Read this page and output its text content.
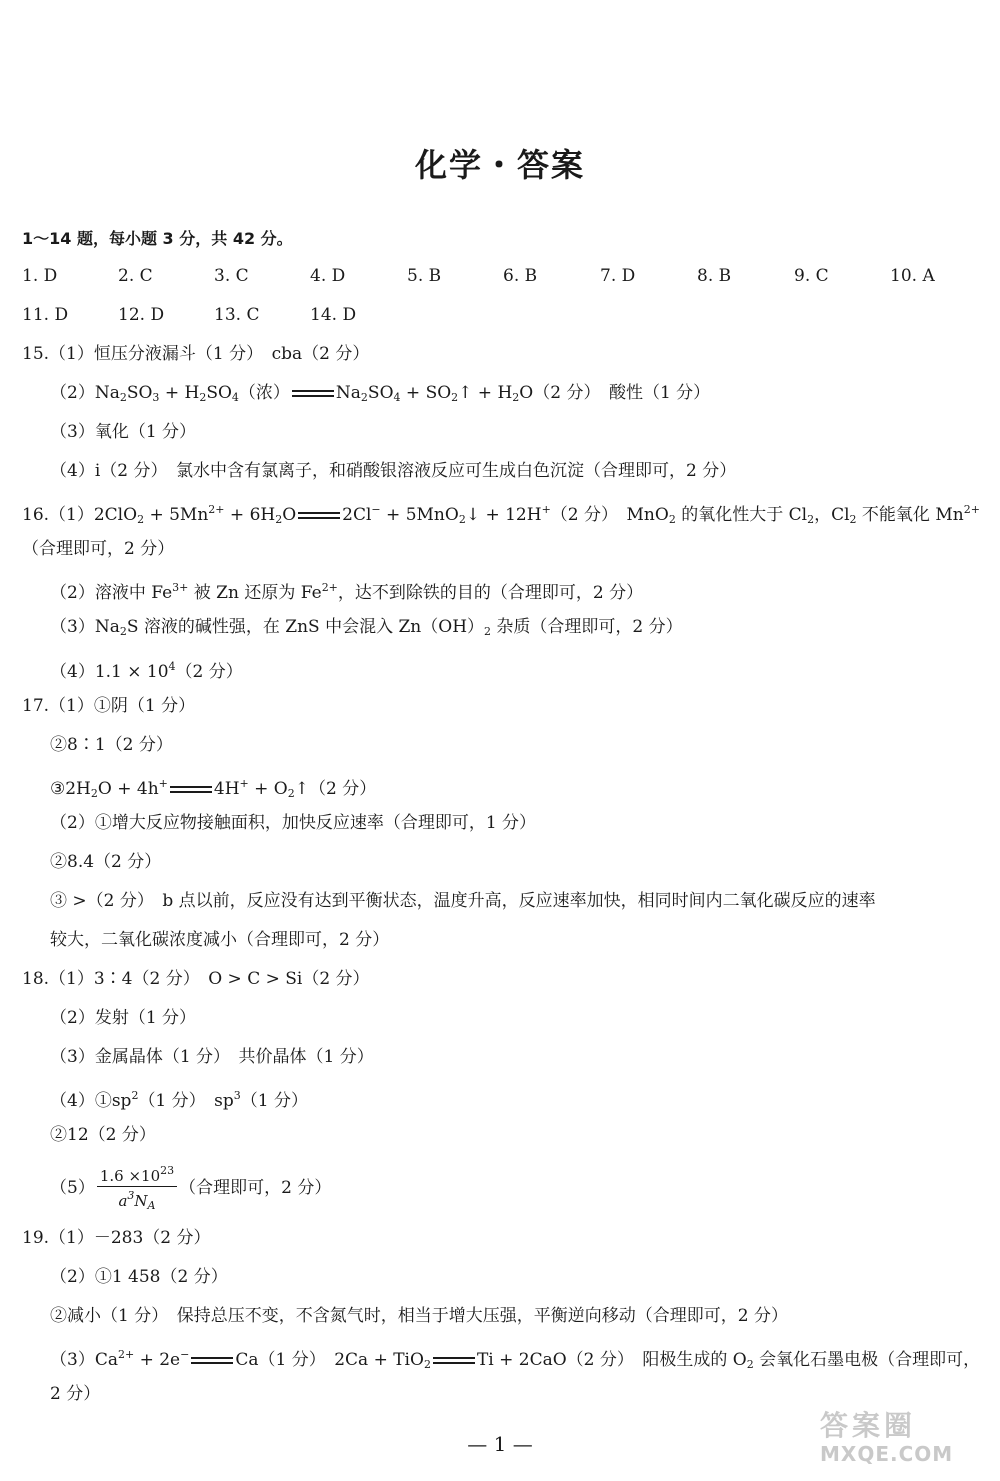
化学・答案
1～14 题，每小题 3 分，共 42 分。
1. D	2. C	3. C	4. D	5. B	6. B	7. D	8. B	9. C	10. A
11. D	12. D	13. C	14. D
15.（1）恒压分液漏斗（1 分）　cba（2 分）
$(2)Na_2SO_3 + H_2SO_4$（浓）	$Na_2SO_4$ + $SO_2↑ + H_2O(2$ 分）　酸性（1 分）
（3）氧化（1 分）
（4）ⅰ（2 分）　氯水中含有氯离子，和硝酸银溶液反应可生成白色沉淀（合理即可，2 分）
$16.(1)2ClO_2 + 5Mn^{2+} + 6H_2O$	2Cl− + 5MnO$_2$↓ + 12H+（2 分）　MnO$_2$ 的氧化性大于 $Cl_2$，$Cl_2$ 不能氧化 $Mn^{2+}$
（合理即可，2 分）
（2）溶液中 $Fe^{3+}$ 被 Zn 还原为 $Fe^{2+}$，达不到除铁的目的（合理即可，2 分）
$(3)Na_2S$ 溶液的碱性强，在 ZnS 中会混入 $Zn(OH)_2$ 杂质（合理即可，2 分）
$(4)1.1 \times 10^4(2$ 分）
17.（1）①阴（1 分）
②8∶1（2 分）
$③2H_2O + 4h^+$	$4H^+ + O_2↑(2$ 分）
（2）①增大反应物接触面积，加快反应速率（合理即可，1 分）
②8.4（2 分）
③ >（2 分）　b 点以前，反应没有达到平衡状态，温度升高，反应速率加快，相同时间内二氧化碳反应的速率
较大，二氧化碳浓度减小（合理即可，2 分）
18.（1）3∶4（2 分）　O > C > Si（2 分）
（2）发射（1 分）
（3）金属晶体（1 分）　共价晶体（1 分）
$(4)①sp^2(1$ 分）　$sp^3(1$ 分）
②12（2 分）
$(5) \frac{1.6 \times 10^{23}}{a^3N_A}$ （合理即可，2 分）
19.（1）－283（2 分）
（2）①1 458（2 分）
②减小（1 分）　保持总压不变，不含氮气时，相当于增大压强，平衡逆向移动（合理即可，2 分）
$(3)Ca^{2+} + 2e^-$	Ca（1 分）　2Ca + TiO$_2$	Ti + 2CaO（2 分）　阳极生成的 $O_2$ 会氧化石墨电极（合理即可，
2 分）
— 1 —
答案圈
MXQE.COM
